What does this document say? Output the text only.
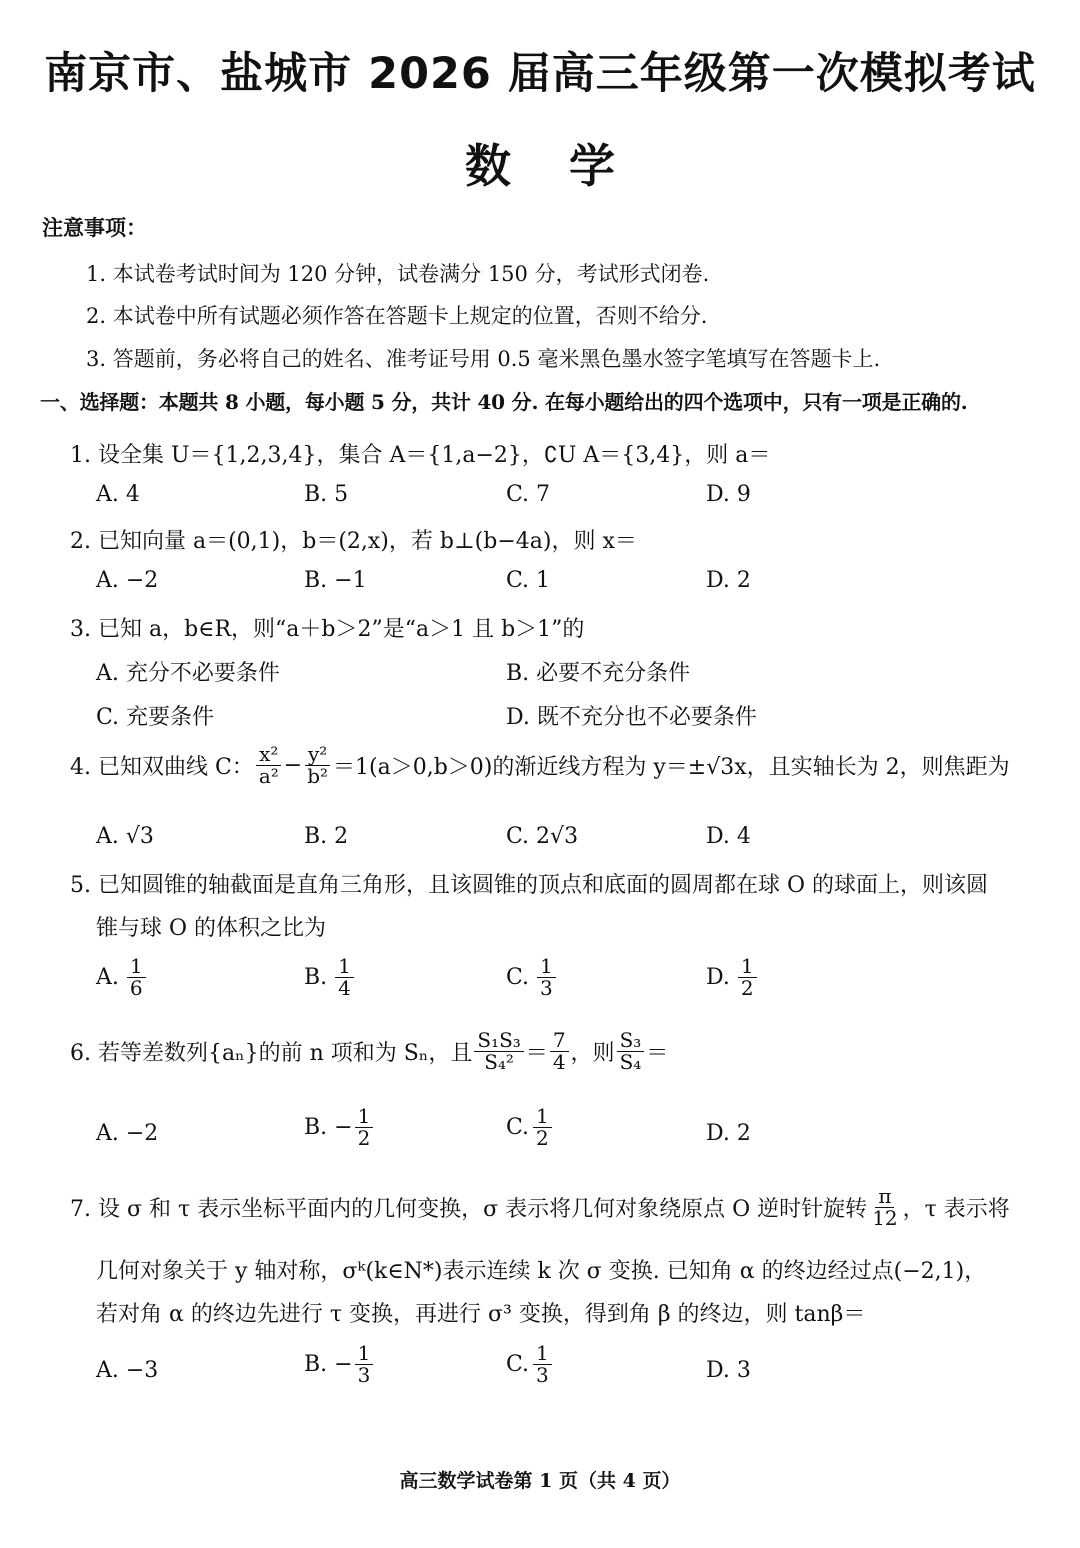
南京市、盐城市 2026 届高三年级第一次模拟考试
数学
注意事项：
1. 本试卷考试时间为 120 分钟，试卷满分 150 分，考试形式闭卷.
2. 本试卷中所有试题必须作答在答题卡上规定的位置，否则不给分.
3. 答题前，务必将自己的姓名、准考证号用 0.5 毫米黑色墨水签字笔填写在答题卡上.
一、选择题：本题共 8 小题，每小题 5 分，共计 40 分. 在每小题给出的四个选项中，只有一项是正确的.
1. 设全集 U＝{1,2,3,4}，集合 A＝{1,a−2}，∁U A＝{3,4}，则 a＝
A. 4	B. 5	C. 7	D. 9
2. 已知向量 a＝(0,1)，b＝(2,x)，若 b⊥(b−4a)，则 x＝
A. −2	B. −1	C. 1	D. 2
3. 已知 a，b∈R，则“a＋b＞2”是“a＞1 且 b＞1”的
A. 充分不必要条件	B. 必要不充分条件
C. 充要条件	D. 既不充分也不必要条件
4. 已知双曲线 C： $\frac{\text{x²}}{\text{a²}} - \frac{\text{y²}}{\text{b²}} =1(a>0,b>0)$的渐近线方程为 y＝±√3x，且实轴长为 2，则焦距为
A. √3	B. 2	C. 2√3	D. 4
5. 已知圆锥的轴截面是直角三角形，且该圆锥的顶点和底面的圆周都在球 O 的球面上，则该圆
锥与球 O 的体积之比为
A. $\frac{1}{6}$	B. $\frac{1}{4}$	C. $\frac{1}{3}$	D. $\frac{1}{2}$
6. 若等差数列{aₙ}的前 n 项和为 Sₙ，且 $\frac{\text{S₁S₃}}{\text{S₄²}} = \frac{7}{4}$ ，则 $\frac{\text{S₃}}{\text{S₄}}$ ＝
A. −2	B. − $\frac{1}{2}$	C. $\frac{1}{2}$	D. 2
7. 设 σ 和 τ 表示坐标平面内的几何变换，σ 表示将几何对象绕原点 O 逆时针旋转 $\frac{\pi}{12}$ ，τ 表示将
几何对象关于 y 轴对称，σᵏ(k∈N*)表示连续 k 次 σ 变换. 已知角 α 的终边经过点(−2,1)，
若对角 α 的终边先进行 τ 变换，再进行 σ³ 变换，得到角 β 的终边，则 tanβ＝
A. −3	B. − $\frac{1}{3}$	C. $\frac{1}{3}$	D. 3
高三数学试卷第 1 页（共 4 页）
